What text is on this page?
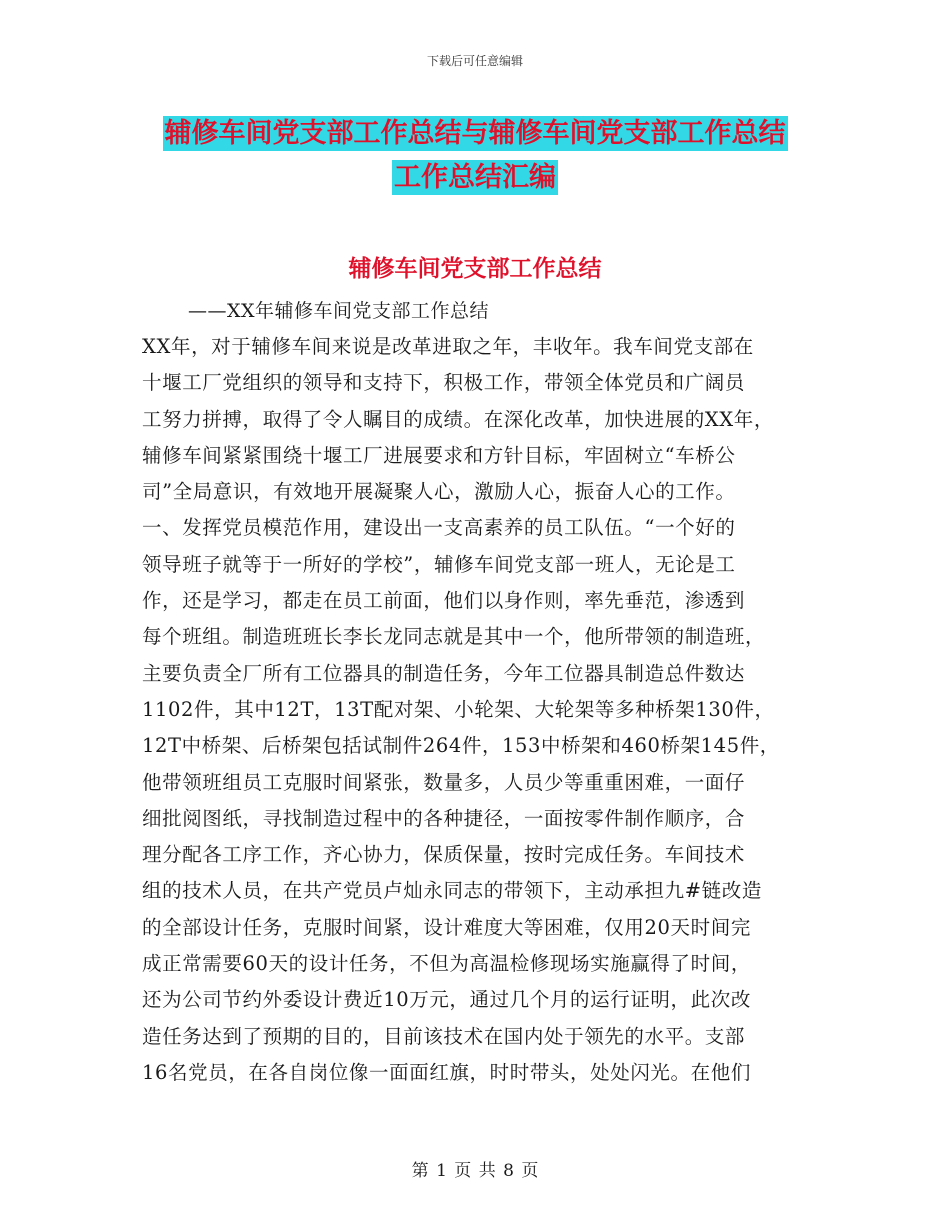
下载后可任意编辑
辅修车间党支部工作总结与辅修车间党支部工作总结
工作总结汇编
辅修车间党支部工作总结
——XX年辅修车间党支部工作总结
XX年，对于辅修车间来说是改革进取之年，丰收年。我车间党支部在
十堰工厂党组织的领导和支持下，积极工作，带领全体党员和广阔员
工努力拼搏，取得了令人瞩目的成绩。在深化改革，加快进展的XX年，
辅修车间紧紧围绕十堰工厂进展要求和方针目标，牢固树立“车桥公
司”全局意识，有效地开展凝聚人心，激励人心，振奋人心的工作。
一、发挥党员模范作用，建设出一支高素养的员工队伍。“一个好的
领导班子就等于一所好的学校”，辅修车间党支部一班人，无论是工
作，还是学习，都走在员工前面，他们以身作则，率先垂范，渗透到
每个班组。制造班班长李长龙同志就是其中一个，他所带领的制造班，
主要负责全厂所有工位器具的制造任务，今年工位器具制造总件数达
1102件，其中12T，13T配对架、小轮架、大轮架等多种桥架130件，
12T中桥架、后桥架包括试制件264件，153中桥架和460桥架145件，
他带领班组员工克服时间紧张，数量多，人员少等重重困难，一面仔
细批阅图纸，寻找制造过程中的各种捷径，一面按零件制作顺序，合
理分配各工序工作，齐心协力，保质保量，按时完成任务。车间技术
组的技术人员，在共产党员卢灿永同志的带领下，主动承担九#链改造
的全部设计任务，克服时间紧，设计难度大等困难，仅用20天时间完
成正常需要60天的设计任务，不但为高温检修现场实施赢得了时间，
还为公司节约外委设计费近10万元，通过几个月的运行证明，此次改
造任务达到了预期的目的，目前该技术在国内处于领先的水平。支部
16名党员，在各自岗位像一面面红旗，时时带头，处处闪光。在他们
第 1 页 共 8 页
